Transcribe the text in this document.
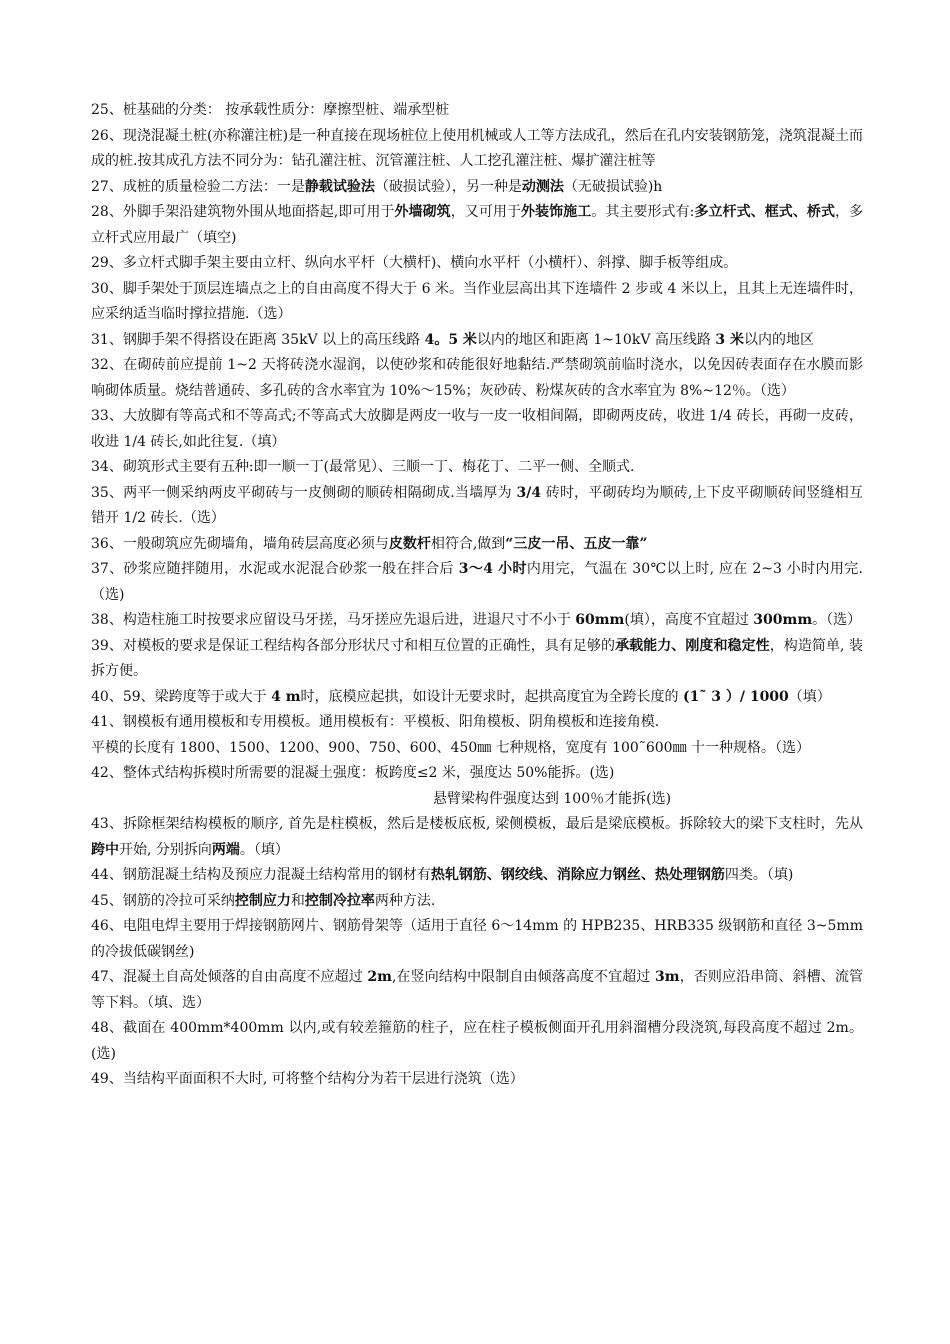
25、桩基础的分类： 按承载性质分：摩擦型桩、端承型桩

26、现浇混凝土桩(亦称灌注桩)是一种直接在现场桩位上使用机械或人工等方法成孔，然后在孔内安装钢筋笼，浇筑混凝土而成的桩.按其成孔方法不同分为：钻孔灌注桩、沉管灌注桩、人工挖孔灌注桩、爆扩灌注桩等

27、成桩的质量检验二方法：一是静载试验法（破损试验），另一种是动测法（无破损试验)h

28、外脚手架沿建筑物外围从地面搭起,即可用于外墙砌筑，又可用于外装饰施工。其主要形式有:多立杆式、框式、桥式，多立杆式应用最广（填空)

29、多立杆式脚手架主要由立杆、纵向水平杆（大横杆)、横向水平杆（小横杆）、斜撑、脚手板等组成。

30、脚手架处于顶层连墙点之上的自由高度不得大于 6 米。当作业层高出其下连墙件 2 步或 4 米以上，且其上无连墙件时，应采纳适当临时撑拉措施.（选）

31、钢脚手架不得搭设在距离 35kV 以上的高压线路 4。5 米以内的地区和距离 1~10kV 高压线路 3 米以内的地区

32、在砌砖前应提前 1~2 天将砖浇水湿润，以使砂浆和砖能很好地黏结.严禁砌筑前临时浇水，以免因砖表面存在水膜而影响砌体质量。烧结普通砖、多孔砖的含水率宜为 10%～15%；灰砂砖、粉煤灰砖的含水率宜为 8%~12％。（选）

33、大放脚有等高式和不等高式;不等高式大放脚是两皮一收与一皮一收相间隔，即砌两皮砖，收进 1/4 砖长，再砌一皮砖，收进 1/4 砖长,如此往复.（填）

34、砌筑形式主要有五种:即一顺一丁(最常见）、三顺一丁、梅花丁、二平一侧、全顺式.

35、两平一侧采纳两皮平砌砖与一皮侧砌的顺砖相隔砌成.当墙厚为 3/4 砖时，平砌砖均为顺砖,上下皮平砌顺砖间竖缝相互错开 1/2 砖长.（选）

36、一般砌筑应先砌墙角，墙角砖层高度必须与皮数杆相符合,做到“三皮一吊、五皮一靠”

37、砂浆应随拌随用，水泥或水泥混合砂浆一般在拌合后 3～4 小时内用完，气温在 30℃以上时, 应在 2~3 小时内用完.（选)

38、构造柱施工时按要求应留设马牙搓，马牙搓应先退后进，进退尺寸不小于 60mm(填），高度不宜超过 300mm。（选）

39、对模板的要求是保证工程结构各部分形状尺寸和相互位置的正确性，具有足够的承载能力、刚度和稳定性，构造简单, 装拆方便。

40、59、梁跨度等于或大于 4 m时，底模应起拱，如设计无要求时，起拱高度宜为全跨长度的 (1˜ 3 ）/ 1000（填）

41、钢模板有通用模板和专用模板。通用模板有：平模板、阳角模板、阴角模板和连接角模.

平模的长度有 1800、1500、1200、900、750、600、450㎜ 七种规格，宽度有 100˜600㎜ 十一种规格。（选）

42、整体式结构拆模时所需要的混凝土强度：板跨度≤2 米，强度达 50%能拆。(选)

悬臂梁构件强度达到 100％才能拆(选)

43、拆除框架结构模板的顺序, 首先是柱模板，然后是楼板底板, 梁侧模板，最后是梁底模板。拆除较大的梁下支柱时，先从跨中开始, 分别拆向两端。（填）

44、钢筋混凝土结构及预应力混凝土结构常用的钢材有热轧钢筋、钢绞线、消除应力钢丝、热处理钢筋四类。（填)

45、钢筋的冷拉可采纳控制应力和控制冷拉率两种方法.

46、电阻电焊主要用于焊接钢筋网片、钢筋骨架等（适用于直径 6～14mm 的 HPB235、HRB335 级钢筋和直径 3~5mm 的冷拔低碳钢丝)

47、混凝土自高处倾落的自由高度不应超过 2m,在竖向结构中限制自由倾落高度不宜超过 3m，否则应沿串筒、斜槽、流管等下料。（填、选）

48、截面在 400mm*400mm 以内,或有较差箍筋的柱子，应在柱子模板侧面开孔用斜溜槽分段浇筑,每段高度不超过 2m。(选)

49、当结构平面面积不大时, 可将整个结构分为若干层进行浇筑（选）
